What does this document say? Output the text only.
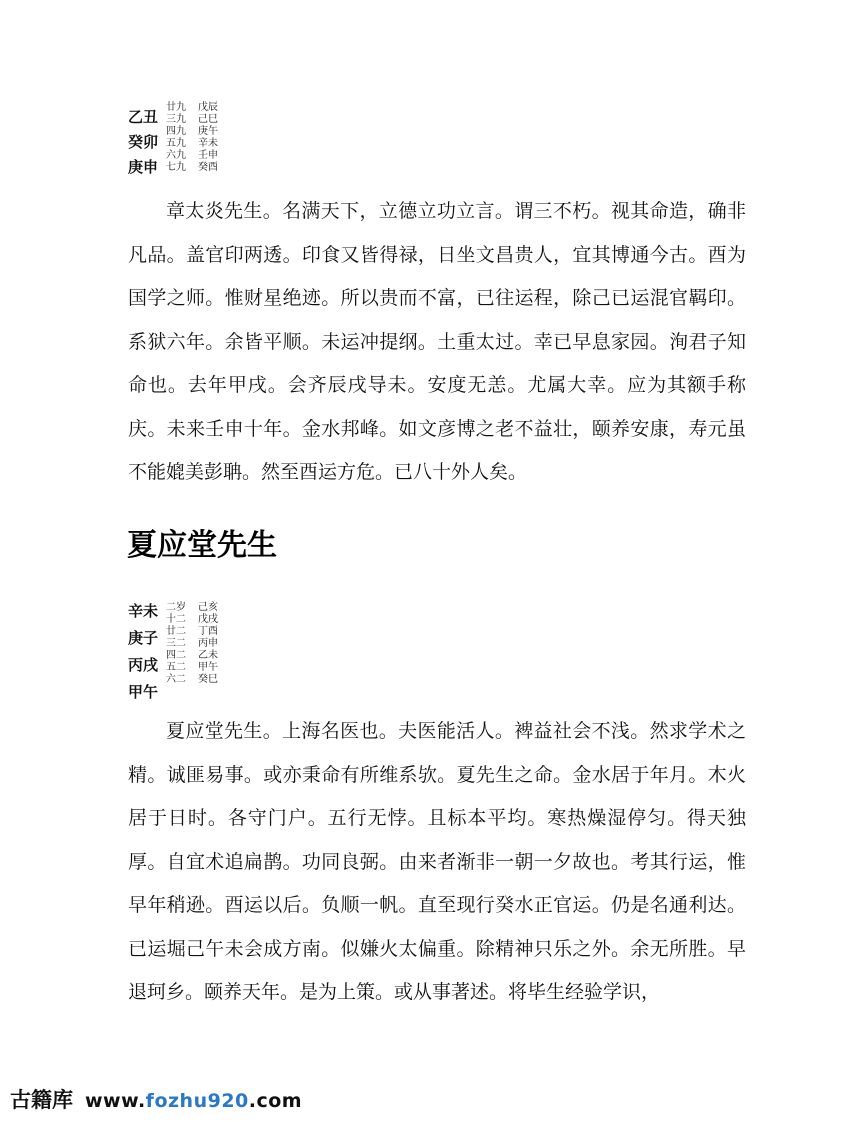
乙丑
癸卯
庚申
廿九	戊辰
三九	己巳
四九	庚午
五九	辛未
六九	壬申
七九	癸酉

章太炎先生。名满天下，立德立功立言。谓三不朽。视其命造，确非凡品。盖官印两透。印食又皆得禄，日坐文昌贵人，宜其博通今古。酉为国学之师。惟财星绝迹。所以贵而不富，已往运程，除己已运混官羁印。系狱六年。余皆平顺。未运冲提纲。土重太过。幸已早息家园。洵君子知命也。去年甲戌。会齐辰戌导未。安度无恙。尤属大幸。应为其额手称庆。未来壬申十年。金水邦峰。如文彦博之老不益壮，颐养安康，寿元虽不能媲美彭聃。然至酉运方危。已八十外人矣。

夏应堂先生
辛未
庚子
丙戌
甲午
二岁	己亥
十二	戊戌
廿二	丁酉
三二	丙申
四二	乙未
五二	甲午
六二	癸巳

夏应堂先生。上海名医也。夫医能活人。裨益社会不浅。然求学术之精。诚匪易事。或亦秉命有所维系欤。夏先生之命。金水居于年月。木火居于日时。各守门户。五行无悖。且标本平均。寒热燥湿停匀。得天独厚。自宜术追扁鹊。功同良弼。由来者渐非一朝一夕故也。考其行运，惟早年稍逊。酉运以后。负顺一帆。直至现行癸水正官运。仍是名通利达。已运堀己午未会成方南。似嫌火太偏重。除精神只乐之外。余无所胜。早退珂乡。颐养天年。是为上策。或从事著述。将毕生经验学识，

古籍库 www.fozhu920.com
